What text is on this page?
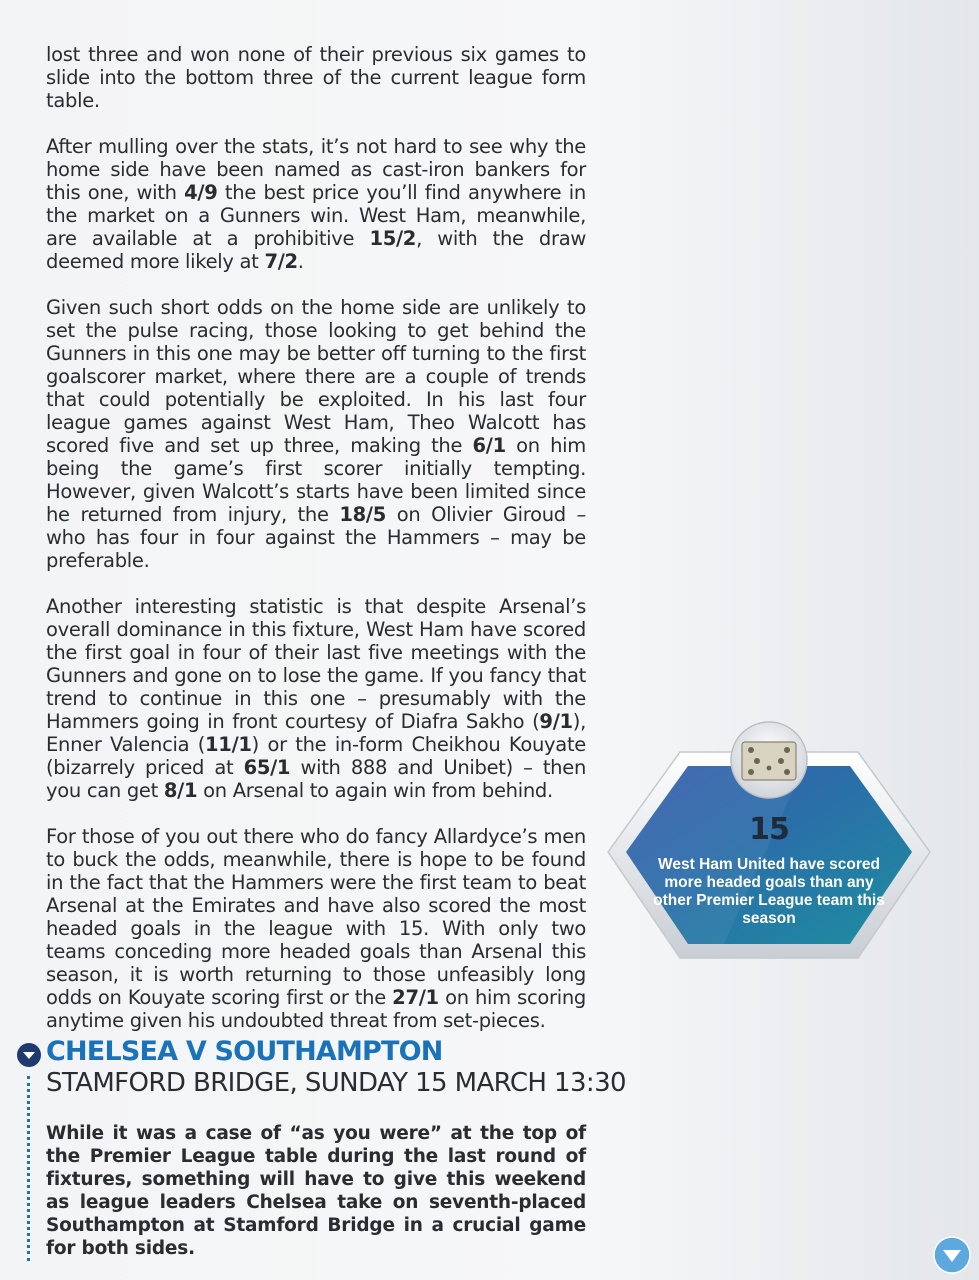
lost three and won none of their previous six games to slide into the bottom three of the current league form table.

After mulling over the stats, it’s not hard to see why the home side have been named as cast-iron bankers for this one, with 4/9 the best price you’ll find anywhere in the market on a Gunners win. West Ham, meanwhile, are available at a prohibitive 15/2, with the draw deemed more likely at 7/2.

Given such short odds on the home side are unlikely to set the pulse racing, those looking to get behind the Gunners in this one may be better off turning to the first goalscorer market, where there are a couple of trends that could potentially be exploited. In his last four league games against West Ham, Theo Walcott has scored five and set up three, making the 6/1 on him being the game’s first scorer initially tempting. However, given Walcott’s starts have been limited since he returned from injury, the 18/5 on Olivier Giroud – who has four in four against the Hammers – may be preferable.

Another interesting statistic is that despite Arsenal’s overall dominance in this fixture, West Ham have scored the first goal in four of their last five meetings with the Gunners and gone on to lose the game. If you fancy that trend to continue in this one – presumably with the Hammers going in front courtesy of Diafra Sakho (9/1), Enner Valencia (11/1) or the in-form Cheikhou Kouyate (bizarrely priced at 65/1 with 888 and Unibet) – then you can get 8/1 on Arsenal to again win from behind.

For those of you out there who do fancy Allardyce’s men to buck the odds, meanwhile, there is hope to be found in the fact that the Hammers were the first team to beat Arsenal at the Emirates and have also scored the most headed goals in the league with 15. With only two teams conceding more headed goals than Arsenal this season, it is worth returning to those unfeasibly long odds on Kouyate scoring first or the 27/1 on him scoring anytime given his undoubted threat from set-pieces.

15
West Ham United have scored more headed goals than any other Premier League team this season
CHELSEA V SOUTHAMPTON
STAMFORD BRIDGE, SUNDAY 15 MARCH 13:30

While it was a case of “as you were” at the top of the Premier League table during the last round of fixtures, something will have to give this weekend as league leaders Chelsea take on seventh-placed Southampton at Stamford Bridge in a crucial game for both sides.
